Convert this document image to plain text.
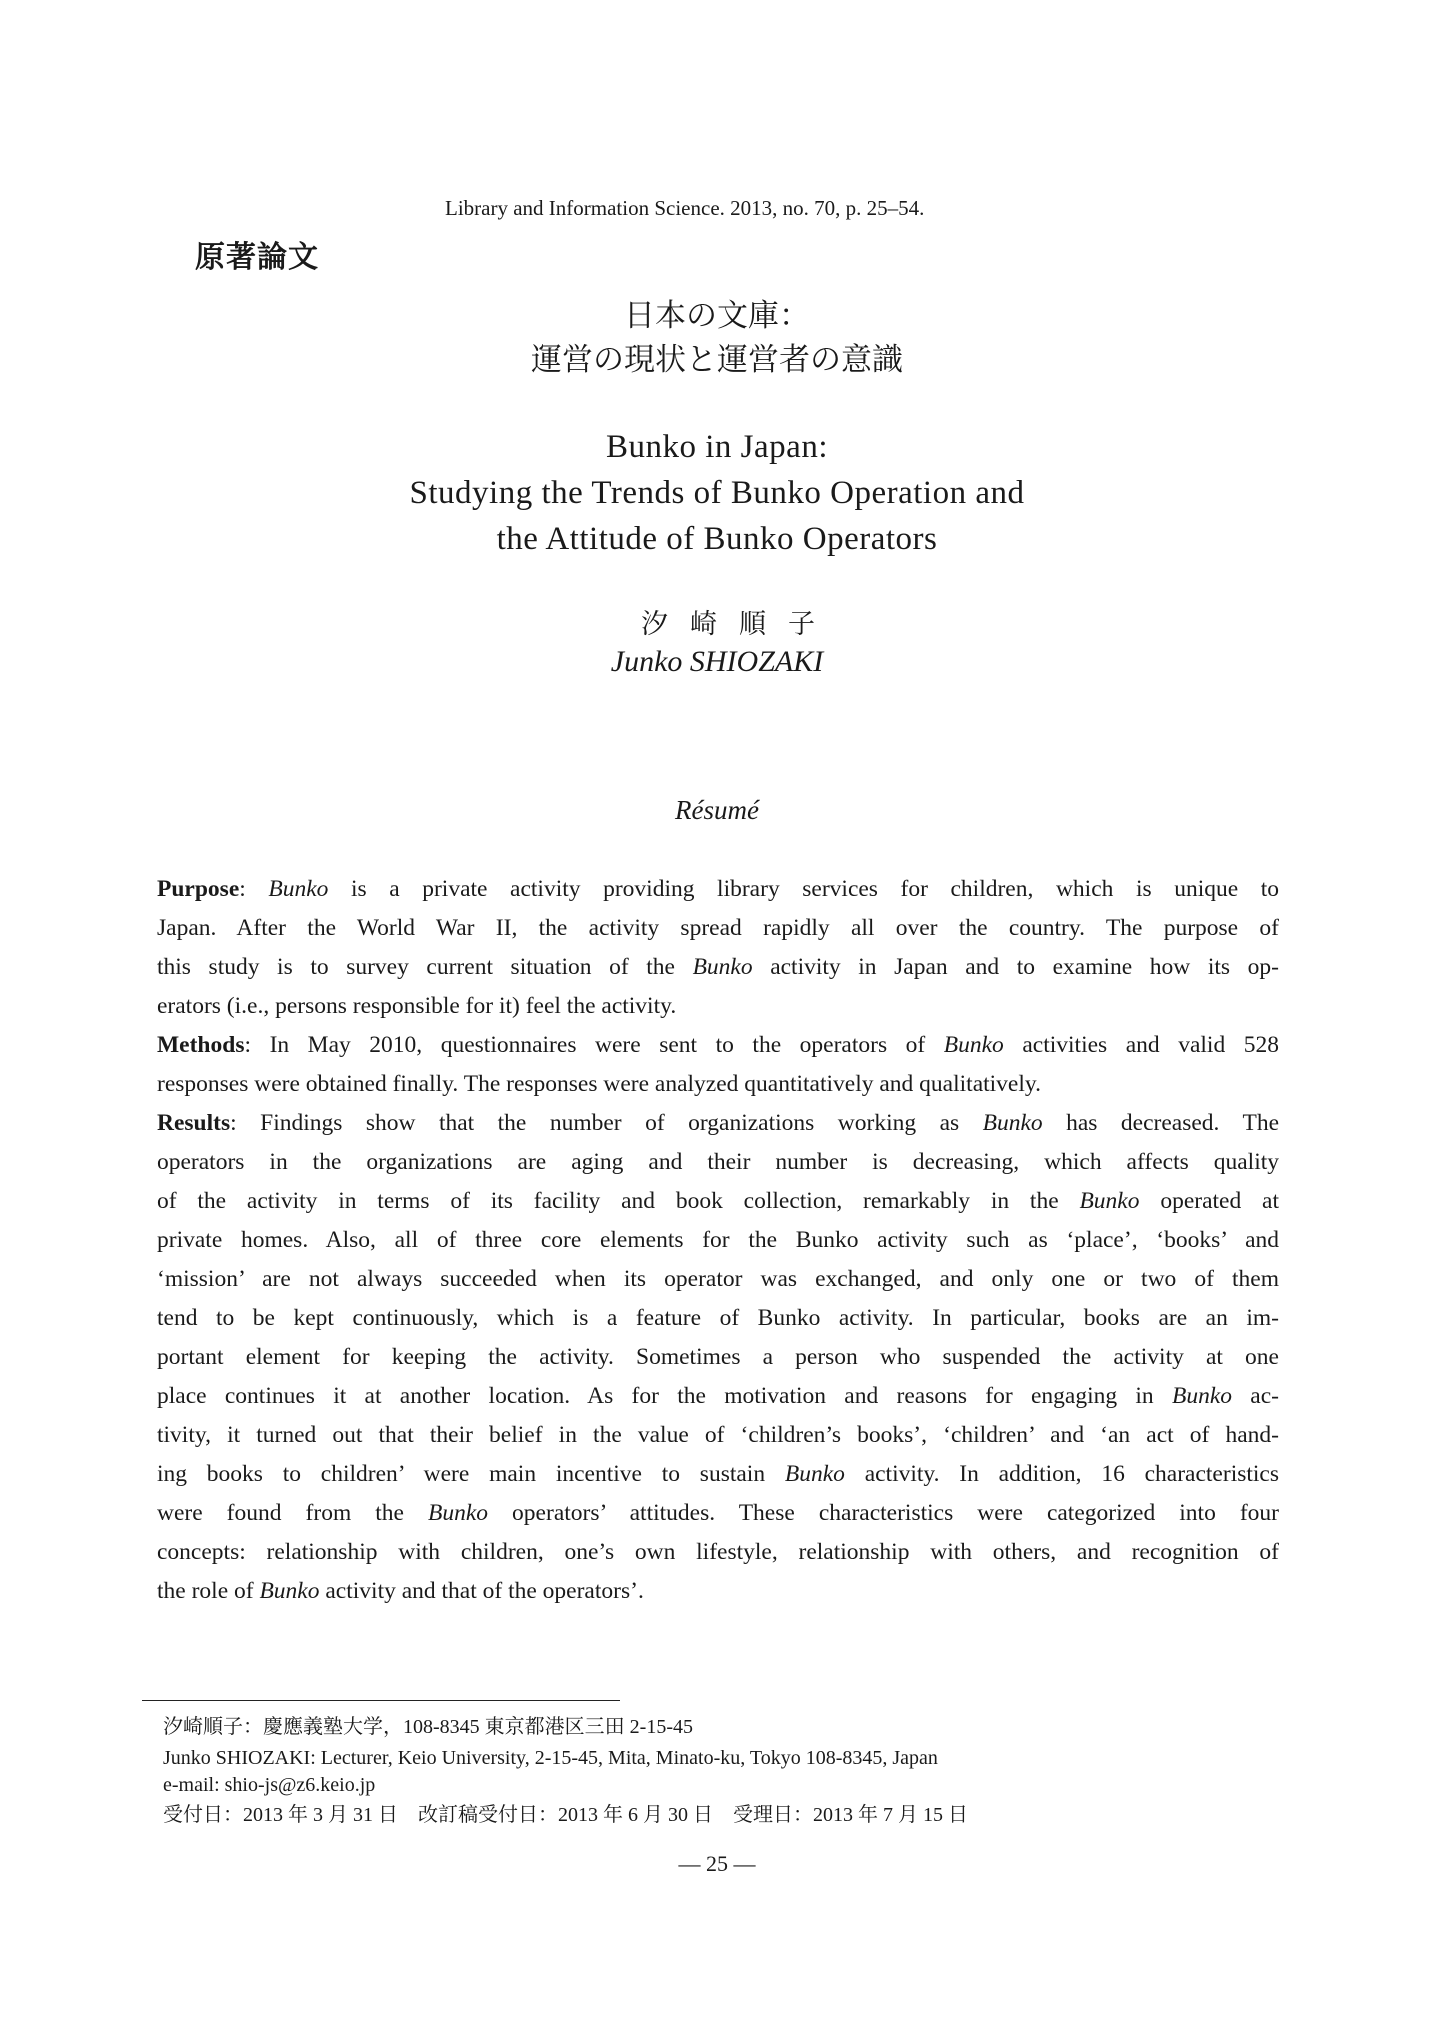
Library and Information Science. 2013, no. 70, p. 25–54.
原著論文
日本の文庫：
運営の現状と運営者の意識
Bunko in Japan:
Studying the Trends of Bunko Operation and
the Attitude of Bunko Operators
汐崎順子
Junko SHIOZAKI
Résumé
Purpose: Bunko is a private activity providing library services for children, which is unique to
Japan. After the World War II, the activity spread rapidly all over the country. The purpose of
this study is to survey current situation of the Bunko activity in Japan and to examine how its op-
erators (i.e., persons responsible for it) feel the activity.
Methods: In May 2010, questionnaires were sent to the operators of Bunko activities and valid 528
responses were obtained finally. The responses were analyzed quantitatively and qualitatively.
Results: Findings show that the number of organizations working as Bunko has decreased. The
operators in the organizations are aging and their number is decreasing, which affects quality
of the activity in terms of its facility and book collection, remarkably in the Bunko operated at
private homes. Also, all of three core elements for the Bunko activity such as ‘place’, ‘books’ and
‘mission’ are not always succeeded when its operator was exchanged, and only one or two of them
tend to be kept continuously, which is a feature of Bunko activity. In particular, books are an im-
portant element for keeping the activity. Sometimes a person who suspended the activity at one
place continues it at another location. As for the motivation and reasons for engaging in Bunko ac-
tivity, it turned out that their belief in the value of ‘children’s books’, ‘children’ and ‘an act of hand-
ing books to children’ were main incentive to sustain Bunko activity. In addition, 16 characteristics
were found from the Bunko operators’ attitudes. These characteristics were categorized into four
concepts: relationship with children, one’s own lifestyle, relationship with others, and recognition of
the role of Bunko activity and that of the operators’.
汐崎順子：慶應義塾大学，108-8345 東京都港区三田 2-15-45
Junko SHIOZAKI: Lecturer, Keio University, 2-15-45, Mita, Minato-ku, Tokyo 108-8345, Japan
e-mail: shio-js@z6.keio.jp
受付日：2013 年 3 月 31 日　改訂稿受付日：2013 年 6 月 30 日　受理日：2013 年 7 月 15 日
— 25 —
